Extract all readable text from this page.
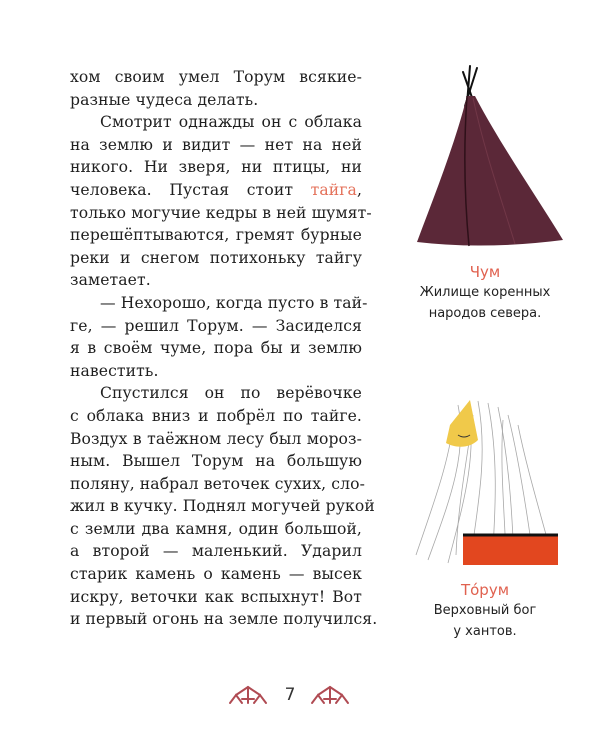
хом своим умел Торум всякие-
разные чудеса делать.
Смотрит однажды он с облака
на землю и видит — нет на ней
никого. Ни зверя, ни птицы, ни
человека. Пустая стоит тайга,
только могучие кедры в ней шумят-
перешёптываются, гремят бурные
реки и снегом потихоньку тайгу
заметает.
— Нехорошо, когда пусто в тай-
ге, — решил Торум. — Засиделся
я в своём чуме, пора бы и землю
навестить.
Спустился он по верёвочке
с облака вниз и побрёл по тайге.
Воздух в таёжном лесу был мороз-
ным. Вышел Торум на большую
поляну, набрал веточек сухих, сло-
жил в кучку. Поднял могучей рукой
с земли два камня, один большой,
а второй — маленький. Ударил
старик камень о камень — высек
искру, веточки как вспыхнут! Вот
и первый огонь на земле получился.
Чум
Жилище коренных
народов севера.
То́рум
Верховный бог
у хантов.
7
